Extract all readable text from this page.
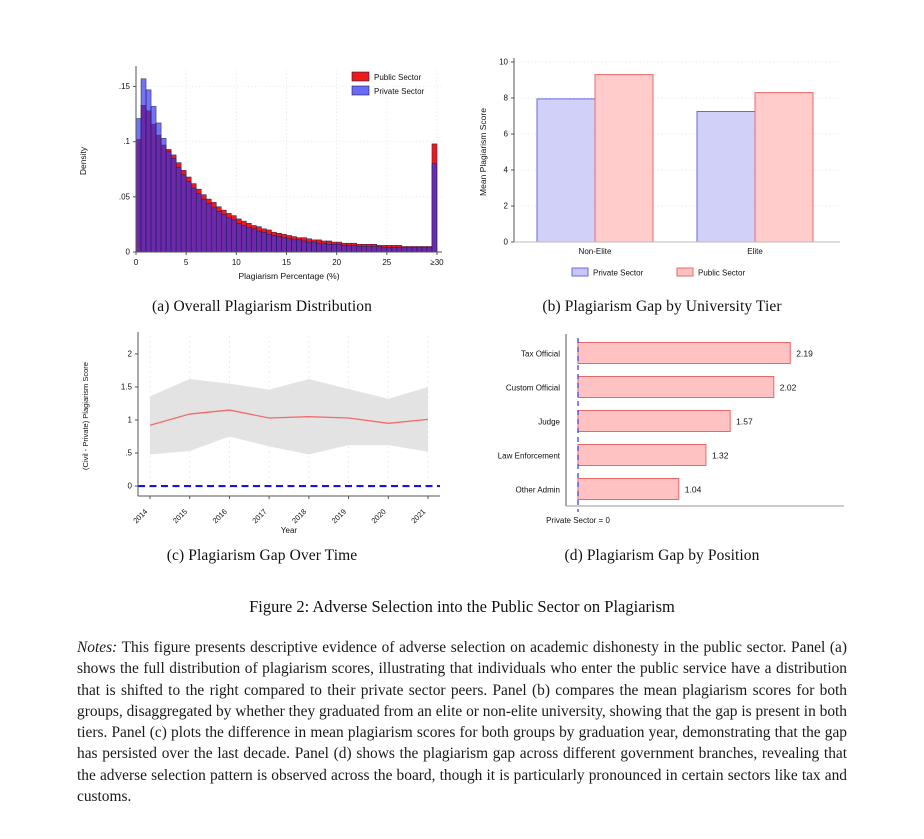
0
.05
.1
.15
0	5	10	15	20	25	≥30
Plagiarism Percentage (%)
Density
Public Sector
Private Sector
(a) Overall Plagiarism Distribution
Non-Elite	Elite
0
2
4
6
8
10
Mean Plagiarism Score
Private Sector	Public Sector
(b) Plagiarism Gap by University Tier
0
.5
1
1.5
2
2014	2015	2016	2017	2018	2019	2020	2021
Year
(Civil - Private) Plagiarism Score
(c) Plagiarism Gap Over Time
Tax Official	2.19
Custom Official	2.02
Judge	1.57
Law Enforcement	1.32
Other Admin	1.04
Private Sector = 0
(d) Plagiarism Gap by Position
Figure 2: Adverse Selection into the Public Sector on Plagiarism
Notes: This figure presents descriptive evidence of adverse selection on academic dishonesty in the public sector. Panel (a) shows the full distribution of plagiarism scores, illustrating that individuals who enter the public service have a distribution that is shifted to the right compared to their private sector peers. Panel (b) compares the mean plagiarism scores for both groups, disaggregated by whether they graduated from an elite or non-elite university, showing that the gap is present in both tiers. Panel (c) plots the difference in mean plagiarism scores for both groups by graduation year, demonstrating that the gap has persisted over the last decade. Panel (d) shows the plagiarism gap across different government branches, revealing that the adverse selection pattern is observed across the board, though it is particularly pronounced in certain sectors like tax and customs.
